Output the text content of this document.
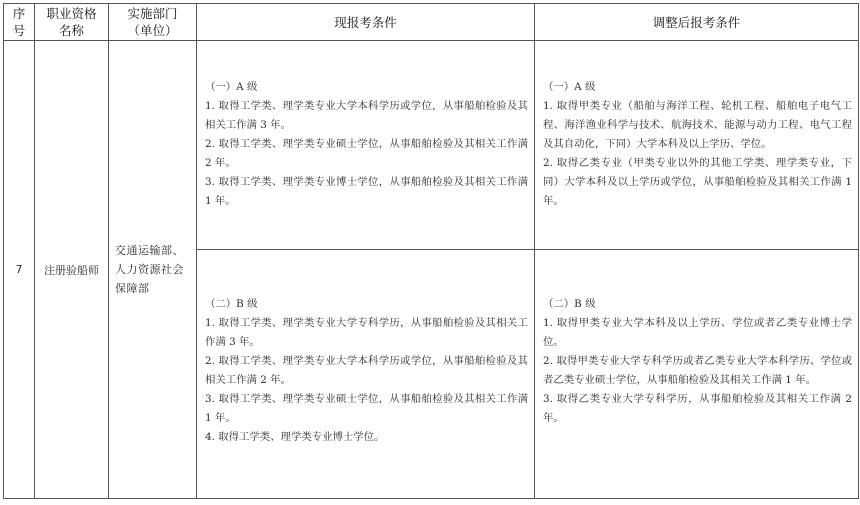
序
号	职业资格
名称	实施部门
（单位）	现报考条件	调整后报考条件
7	注册验船师	交通运输部、人力资源社会保障部	（一）A 级
1. 取得工学类、理学类专业大学本科学历或学位，从事船舶检验及其相关工作满 3 年。
2. 取得工学类、理学类专业硕士学位，从事船舶检验及其相关工作满 2 年。
3. 取得工学类、理学类专业博士学位，从事船舶检验及其相关工作满 1 年。	（一）A 级
1. 取得甲类专业（船舶与海洋工程、轮机工程、船舶电子电气工程、海洋渔业科学与技术、航海技术、能源与动力工程、电气工程及其自动化，下同）大学本科及以上学历、学位。
2. 取得乙类专业（甲类专业以外的其他工学类、理学类专业，下同）大学本科及以上学历或学位，从事船舶检验及其相关工作满 1 年。

			（二）B 级
1. 取得工学类、理学类专业大学专科学历，从事船舶检验及其相关工作满 3 年。
2. 取得工学类、理学类专业大学本科学历或学位，从事船舶检验及其相关工作满 2 年。
3. 取得工学类、理学类专业硕士学位，从事船舶检验及其相关工作满 1 年。
4. 取得工学类、理学类专业博士学位。	（二）B 级
1. 取得甲类专业大学本科及以上学历、学位或者乙类专业博士学位。
2. 取得甲类专业大学专科学历或者乙类专业大学本科学历、学位或者乙类专业硕士学位，从事船舶检验及其相关工作满 1 年。
3. 取得乙类专业大学专科学历，从事船舶检验及其相关工作满 2 年。
